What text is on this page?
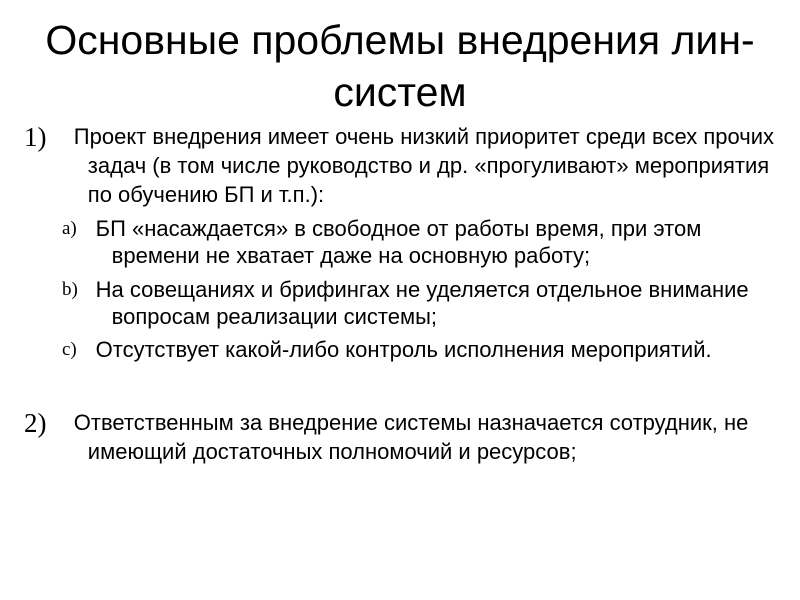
Основные проблемы внедрения лин-систем
1)	Проект внедрения имеет очень низкий приоритет среди всех прочих задач (в том числе руководство и др. «прогуливают» мероприятия по обучению БП и т.п.):
a) БП «насаждается» в свободное от работы время, при этом времени не хватает даже на основную работу;
b) На совещаниях и брифингах не уделяется отдельное внимание вопросам реализации системы;
c) Отсутствует какой-либо контроль исполнения мероприятий.
2)	Ответственным за внедрение системы назначается сотрудник, не имеющий достаточных полномочий и ресурсов;
